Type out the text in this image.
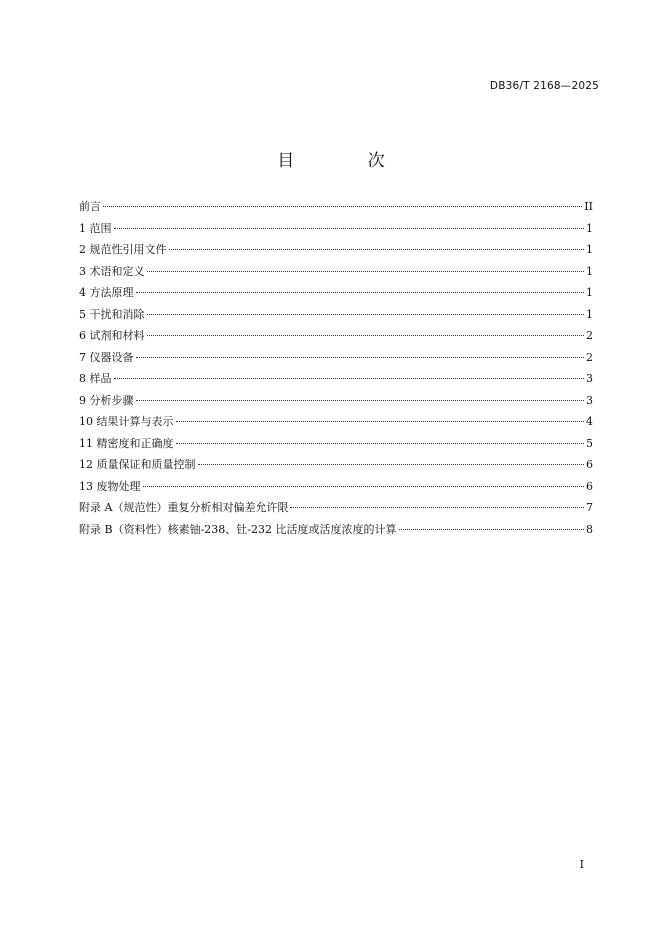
DB36/T 2168—2025
目 次
前言	II
1 范围	1
2 规范性引用文件	1
3 术语和定义	1
4 方法原理	1
5 干扰和消除	1
6 试剂和材料	2
7 仪器设备	2
8 样品	3
9 分析步骤	3
10 结果计算与表示	4
11 精密度和正确度	5
12 质量保证和质量控制	6
13 废物处理	6
附录 A（规范性）重复分析相对偏差允许限	7
附录 B（资料性）核素铀-238、钍-232 比活度或活度浓度的计算	8
I
